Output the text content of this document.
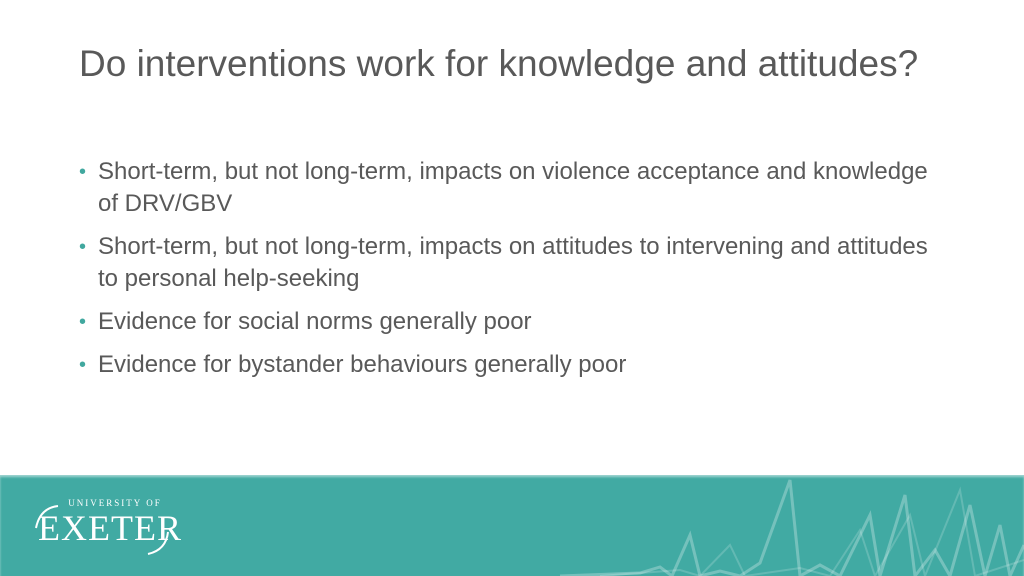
Do interventions work for knowledge and attitudes?
• Short-term, but not long-term, impacts on violence acceptance and knowledge of DRV/GBV
• Short-term, but not long-term, impacts on attitudes to intervening and attitudes to personal help-seeking
• Evidence for social norms generally poor
• Evidence for bystander behaviours generally poor
UNIVERSITY OF
EXETER
